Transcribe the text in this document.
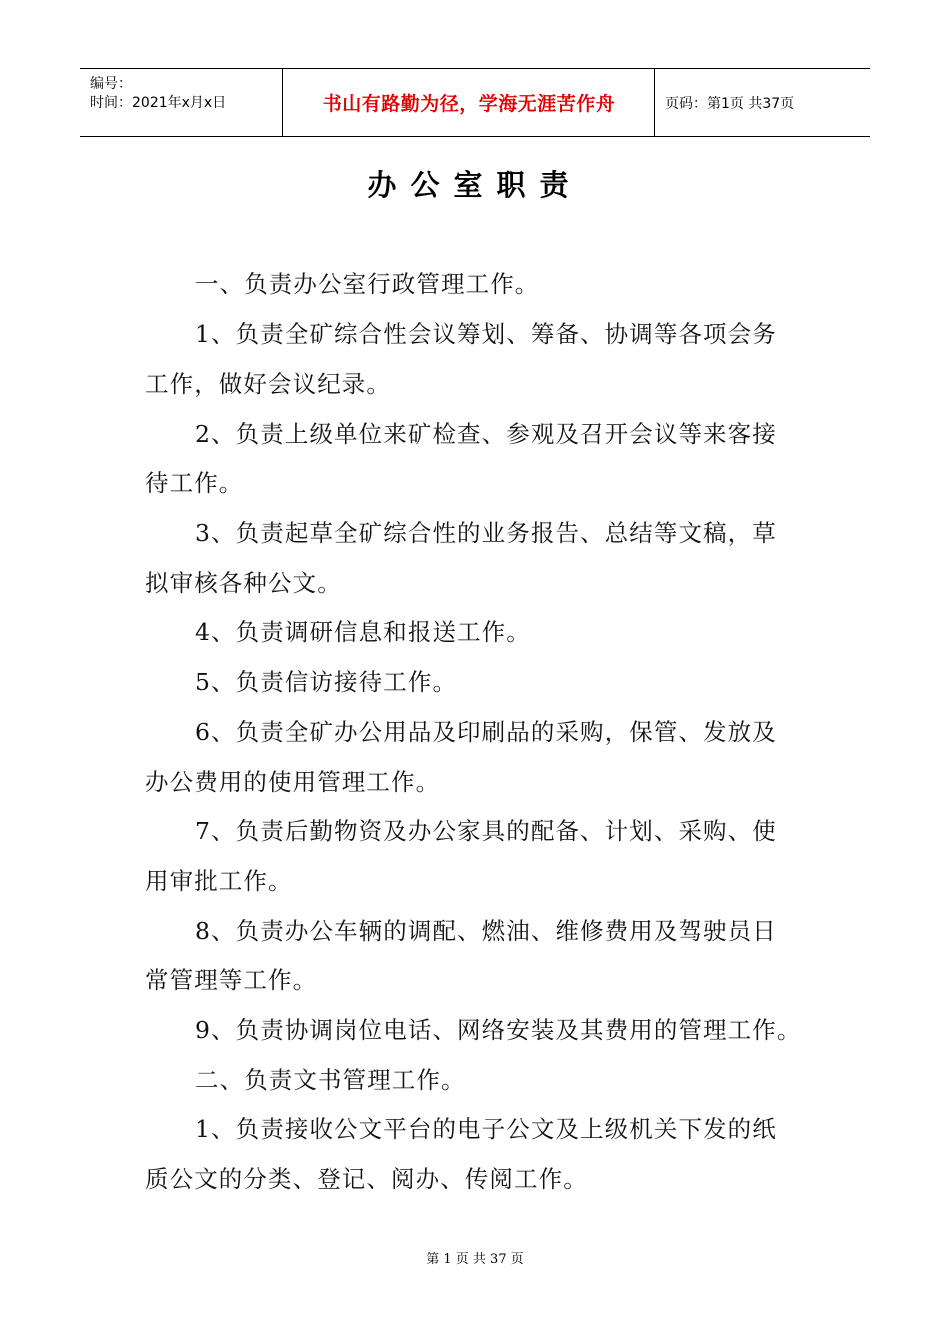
编号：
时间：2021年x月x日	书山有路勤为径，学海无涯苦作舟	页码：第1页 共37页
办公室职责
一、负责办公室行政管理工作。
1、负责全矿综合性会议筹划、筹备、协调等各项会务
工作，做好会议纪录。
2、负责上级单位来矿检查、参观及召开会议等来客接
待工作。
3、负责起草全矿综合性的业务报告、总结等文稿，草
拟审核各种公文。
4、负责调研信息和报送工作。
5、负责信访接待工作。
6、负责全矿办公用品及印刷品的采购，保管、发放及
办公费用的使用管理工作。
7、负责后勤物资及办公家具的配备、计划、采购、使
用审批工作。
8、负责办公车辆的调配、燃油、维修费用及驾驶员日
常管理等工作。
9、负责协调岗位电话、网络安装及其费用的管理工作。
二、负责文书管理工作。
1、负责接收公文平台的电子公文及上级机关下发的纸
质公文的分类、登记、阅办、传阅工作。
第 1 页 共 37 页
